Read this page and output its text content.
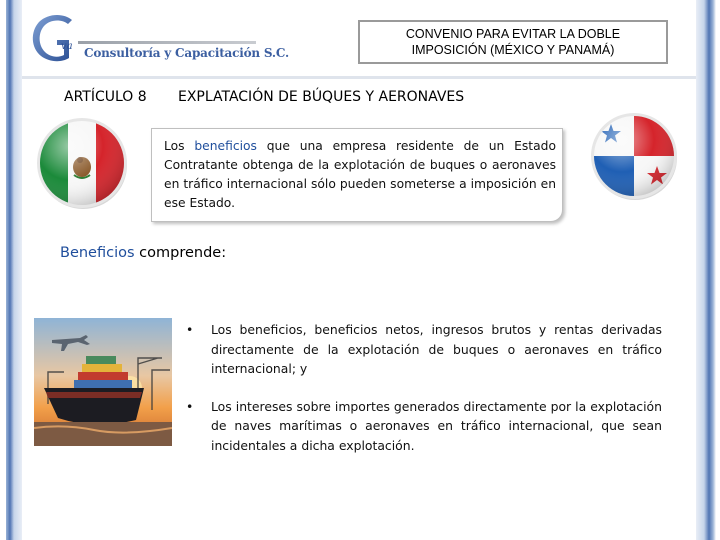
va Consultoría y Capacitación S.C.
CONVENIO PARA EVITAR LA DOBLE
IMPOSICIÓN (MÉXICO Y PANAMÁ)
ARTÍCULO 8 EXPLATACIÓN DE BÚQUES Y AERONAVES
Los beneficios que una empresa residente de un Estado Contratante obtenga de la explotación de buques o aeronaves en tráfico internacional sólo pueden someterse a imposición en ese Estado.
Beneficios comprende:
• Los beneficios, beneficios netos, ingresos brutos y rentas derivadas directamente de la explotación de buques o aeronaves en tráfico internacional; y
• Los intereses sobre importes generados directamente por la explotación de naves marítimas o aeronaves en tráfico internacional, que sean incidentales a dicha explotación.
